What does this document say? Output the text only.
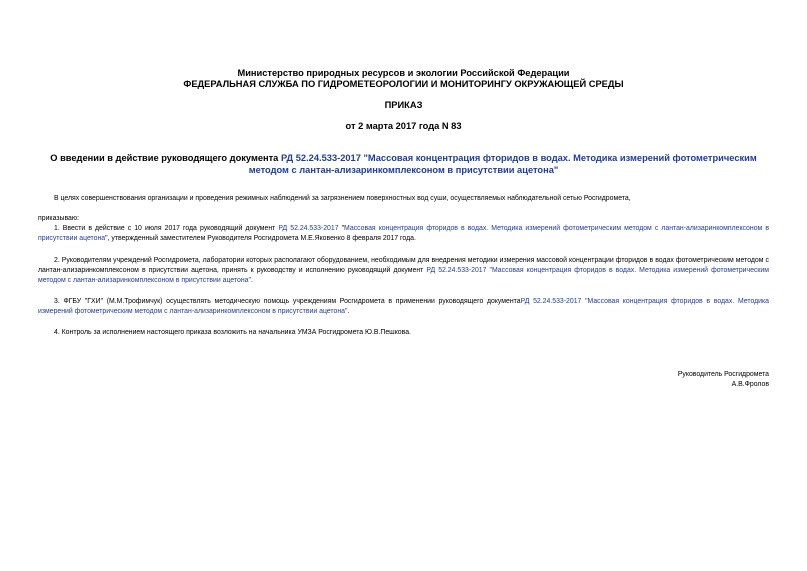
Министерство природных ресурсов и экологии Российской Федерации
ФЕДЕРАЛЬНАЯ СЛУЖБА ПО ГИДРОМЕТЕОРОЛОГИИ И МОНИТОРИНГУ ОКРУЖАЮЩЕЙ СРЕДЫ
ПРИКАЗ
от 2 марта 2017 года N 83
О введении в действие руководящего документа РД 52.24.533-2017 "Массовая концентрация фторидов в водах. Методика измерений фотометрическим методом с лантан-ализаринкомплексоном в присутствии ацетона"
В целях совершенствования организации и проведения режимных наблюдений за загрязнением поверхностных вод суши, осуществляемых наблюдательной сетью Росгидромета,
приказываю:
1. Ввести в действие с 10 июля 2017 года руководящий документ РД 52.24.533-2017 "Массовая концентрация фторидов в водах. Методика измерений фотометрическим методом с лантан-ализаринкомплексоном в присутствии ацетона", утвержденный заместителем Руководителя Росгидромета М.Е.Яковенко 8 февраля 2017 года.
2. Руководителям учреждений Росгидромета, лаборатории которых располагают оборудованием, необходимым для внедрения методики измерения массовой концентрации фторидов в водах фотометрическим методом с лантан-ализаринкомплексоном в присутствии ацетона, принять к руководству и исполнению руководящий документ РД 52.24.533-2017 "Массовая концентрация фторидов в водах. Методика измерений фотометрическим методом с лантан-ализаринкомплексоном в присутствии ацетона".
3. ФГБУ "ГХИ" (М.М.Трофимчук) осуществлять методическую помощь учреждениям Росгидромета в применении руководящего документаРД 52.24.533-2017 "Массовая концентрация фторидов в водах. Методика измерений фотометрическим методом с лантан-ализаринкомплексоном в присутствии ацетона".
4. Контроль за исполнением настоящего приказа возложить на начальника УМЗА Росгидромета Ю.В.Пешкова.
Руководитель Росгидромета
А.В.Фролов
